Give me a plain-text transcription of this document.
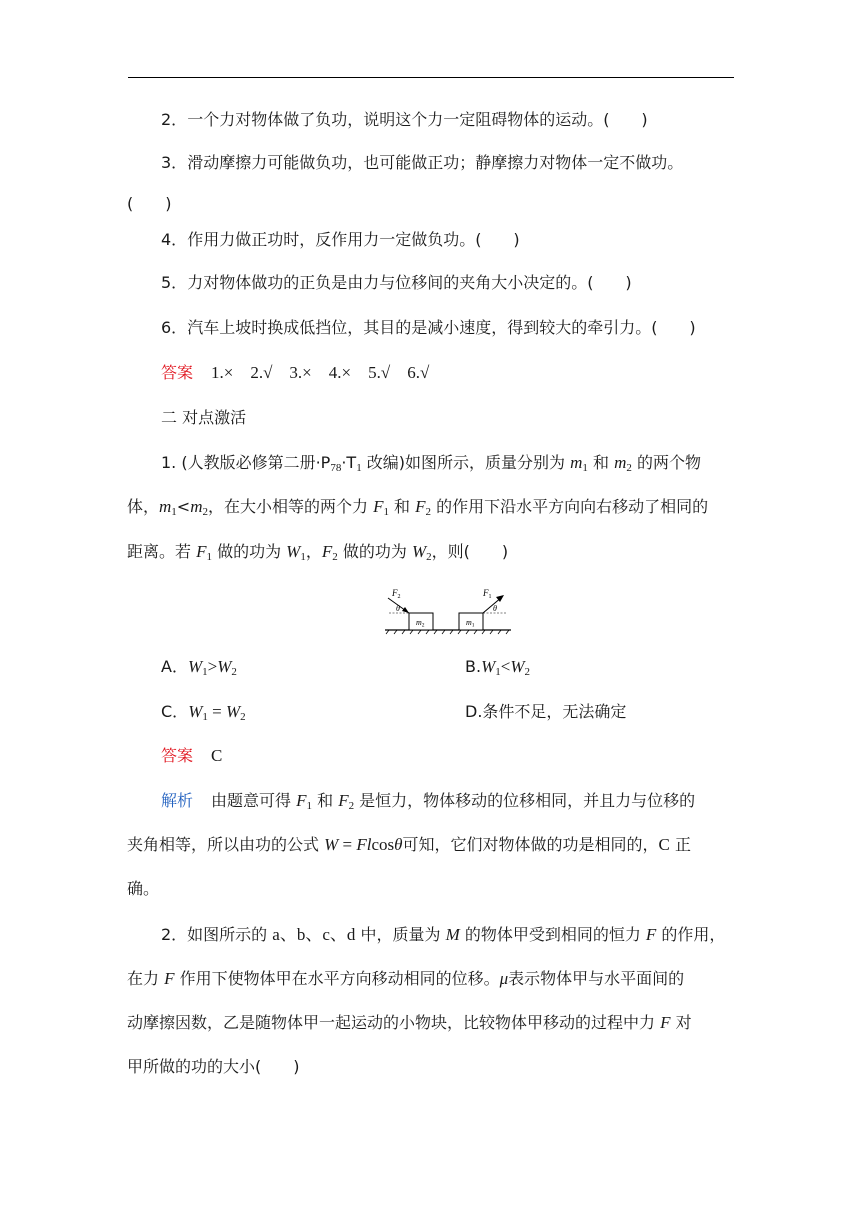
2．一个力对物体做了负功，说明这个力一定阻碍物体的运动。(　　)
3．滑动摩擦力可能做负功，也可能做正功；静摩擦力对物体一定不做功。
(　　)
4．作用力做正功时，反作用力一定做负功。(　　)
5．力对物体做功的正负是由力与位移间的夹角大小决定的。(　　)
6．汽车上坡时换成低挡位，其目的是减小速度，得到较大的牵引力。(　　)
答案 1.×　2.√　3.×　4.×　5.√　6.√
二 对点激活
1. (人教版必修第二册$\cdot P_{78}\cdot T_1$ 改编)如图所示，质量分别为 $m_1$ 和 $m_2$ 的两个物
体，$m_1<m_2$，在大小相等的两个力 $F_1$ 和 $F_2$ 的作用下沿水平方向向右移动了相同的
距离。若 $F_1$ 做的功为 $W_1$，$F_2$ 做的功为 $W_2$，则(　　)
$F_2$
θ
$F_1$
θ
m2	m1
A．$W_1>W_2$	$B.W_1<W_2$
C．$W_1 = W_2$	D.条件不足，无法确定
答案 C
解析 由题意可得 $F_1$ 和 $F_2$ 是恒力，物体移动的位移相同，并且力与位移的
夹角相等，所以由功的公式 W = Flcosθ可知，它们对物体做的功是相同的，C 正
确。
2．如图所示的 a、b、c、d 中，质量为 M 的物体甲受到相同的恒力 F 的作用，
在力 F 作用下使物体甲在水平方向移动相同的位移。μ表示物体甲与水平面间的
动摩擦因数，乙是随物体甲一起运动的小物块，比较物体甲移动的过程中力 F 对
甲所做的功的大小(　　)
